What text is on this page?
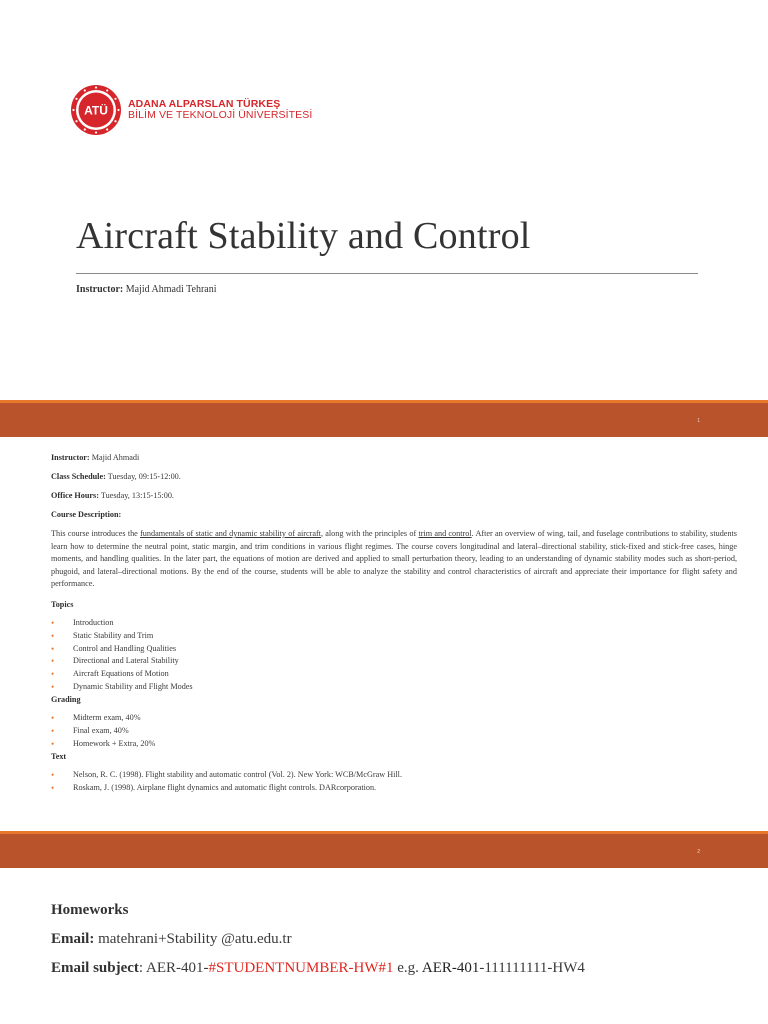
ATÜ ADANA ALPARSLAN TÜRKEŞ
BİLİM VE TEKNOLOJİ ÜNİVERSİTESİ
Aircraft Stability and Control
Instructor: Majid Ahmadi Tehrani
1

Instructor: Majid Ahmadi

Class Schedule: Tuesday, 09:15-12:00.

Office Hours: Tuesday, 13:15-15:00.

Course Description:

This course introduces the fundamentals of static and dynamic stability of aircraft, along with the principles of trim and control. After an overview of wing, tail, and fuselage contributions to stability, students learn how to determine the neutral point, static margin, and trim conditions in various flight regimes. The course covers longitudinal and lateral–directional stability, stick-fixed and stick-free cases, hinge moments, and handling qualities. In the later part, the equations of motion are derived and applied to small perturbation theory, leading to an understanding of dynamic stability modes such as short-period, phugoid, and lateral–directional motions. By the end of the course, students will be able to analyze the stability and control characteristics of aircraft and appreciate their importance for flight safety and performance.

Topics
• Introduction
• Static Stability and Trim
• Control and Handling Qualities
• Directional and Lateral Stability
• Aircraft Equations of Motion
• Dynamic Stability and Flight Modes
Grading
• Midterm exam, 40%
• Final exam, 40%
• Homework + Extra, 20%
Text
• Nelson, R. C. (1998). Flight stability and automatic control (Vol. 2). New York: WCB/McGraw Hill.
• Roskam, J. (1998). Airplane flight dynamics and automatic flight controls. DARcorporation.
2
Homeworks
Email: matehrani+Stability @atu.edu.tr
Email subject: AER-401-#STUDENTNUMBER-HW#1 e.g. AER-401-111111111-HW4
